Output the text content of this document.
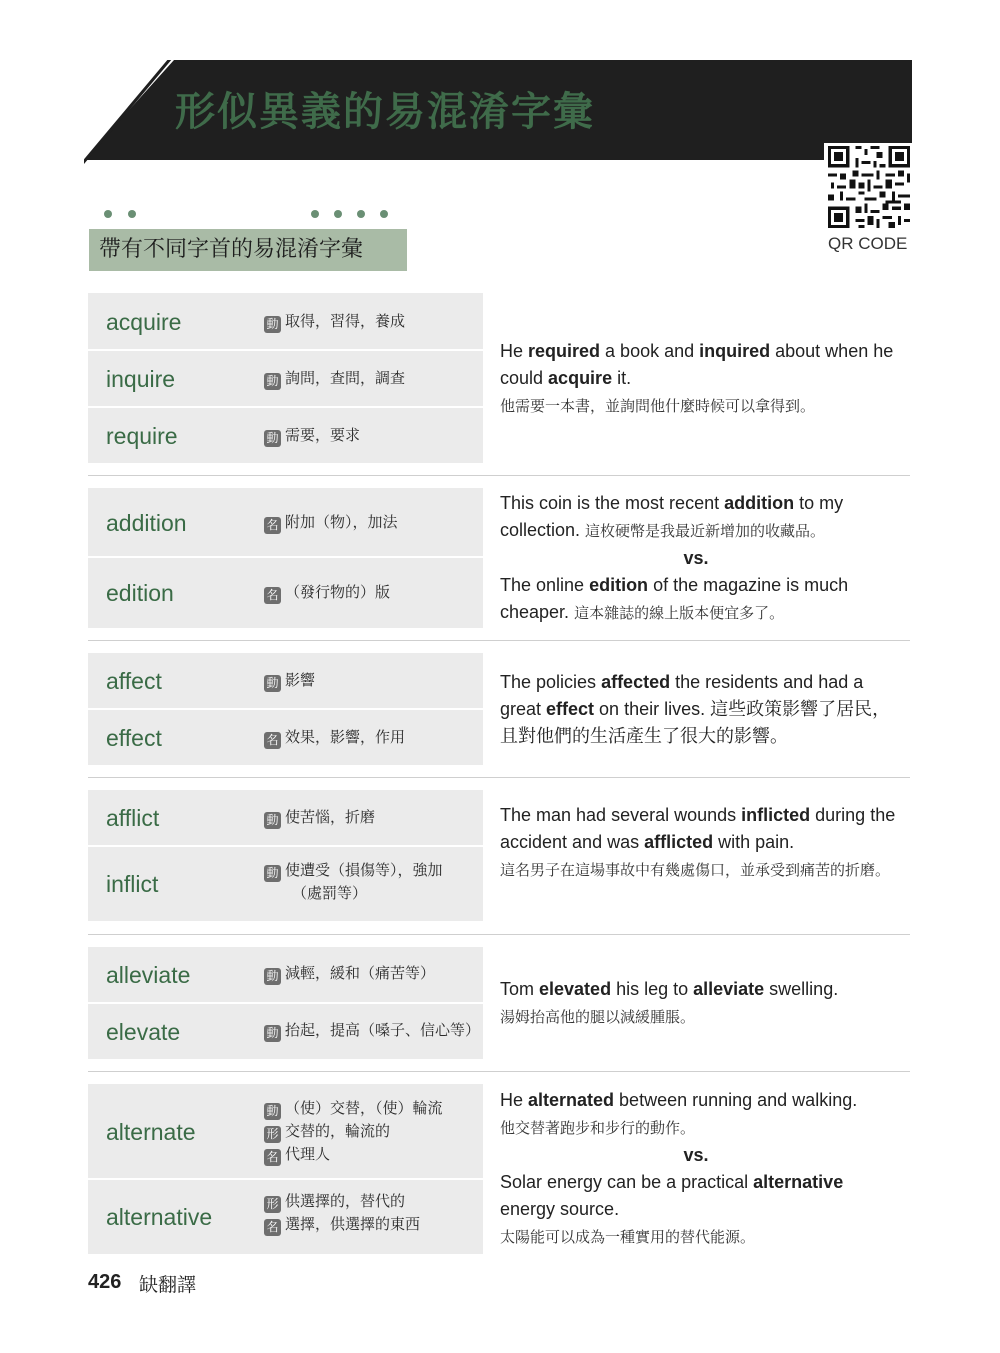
形似異義的易混淆字彙
QR CODE
帶有不同字首的易混淆字彙
acquire	動 取得，習得，養成
inquire	動 詢問，查問，調查
require	動 需要，要求
He required a book and inquired about when he could acquire it.
他需要一本書，並詢問他什麼時候可以拿得到。
addition	名 附加（物），加法
edition	名 （發行物的）版
This coin is the most recent addition to my collection. 這枚硬幣是我最近新增加的收藏品。
vs.
The online edition of the magazine is much cheaper. 這本雜誌的線上版本便宜多了。
affect	動 影響
effect	名 效果，影響，作用
The policies affected the residents and had a great effect on their lives. 這些政策影響了居民，且對他們的生活產生了很大的影響。
afflict	動 使苦惱，折磨
inflict	動 使遭受（損傷等），強加
（處罰等）
The man had several wounds inflicted during the accident and was afflicted with pain.
這名男子在這場事故中有幾處傷口，並承受到痛苦的折磨。
alleviate	動 減輕，緩和（痛苦等）
elevate	動 抬起，提高（嗓子、信心等）
Tom elevated his leg to alleviate swelling.
湯姆抬高他的腿以減緩腫脹。
alternate
動 （使）交替，（使）輪流
形 交替的，輪流的
名 代理人
alternative	形 供選擇的，替代的
名 選擇，供選擇的東西
He alternated between running and walking.
他交替著跑步和步行的動作。
vs.
Solar energy can be a practical alternative energy source.
太陽能可以成為一種實用的替代能源。
426 缺翻譯
